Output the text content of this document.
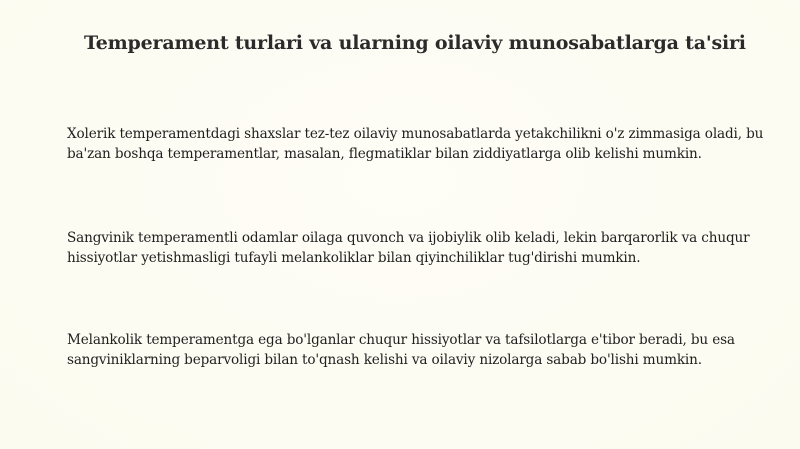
Temperament turlari va ularning oilaviy munosabatlarga ta'siri

Xolerik temperamentdagi shaxslar tez-tez oilaviy munosabatlarda yetakchilikni o'z zimmasiga oladi, bu ba'zan boshqa temperamentlar, masalan, flegmatiklar bilan ziddiyatlarga olib kelishi mumkin.

Sangvinik temperamentli odamlar oilaga quvonch va ijobiylik olib keladi, lekin barqarorlik va chuqur hissiyotlar yetishmasligi tufayli melankoliklar bilan qiyinchiliklar tug'dirishi mumkin.

Melankolik temperamentga ega bo'lganlar chuqur hissiyotlar va tafsilotlarga e'tibor beradi, bu esa sangviniklarning beparvoligi bilan to'qnash kelishi va oilaviy nizolarga sabab bo'lishi mumkin.
